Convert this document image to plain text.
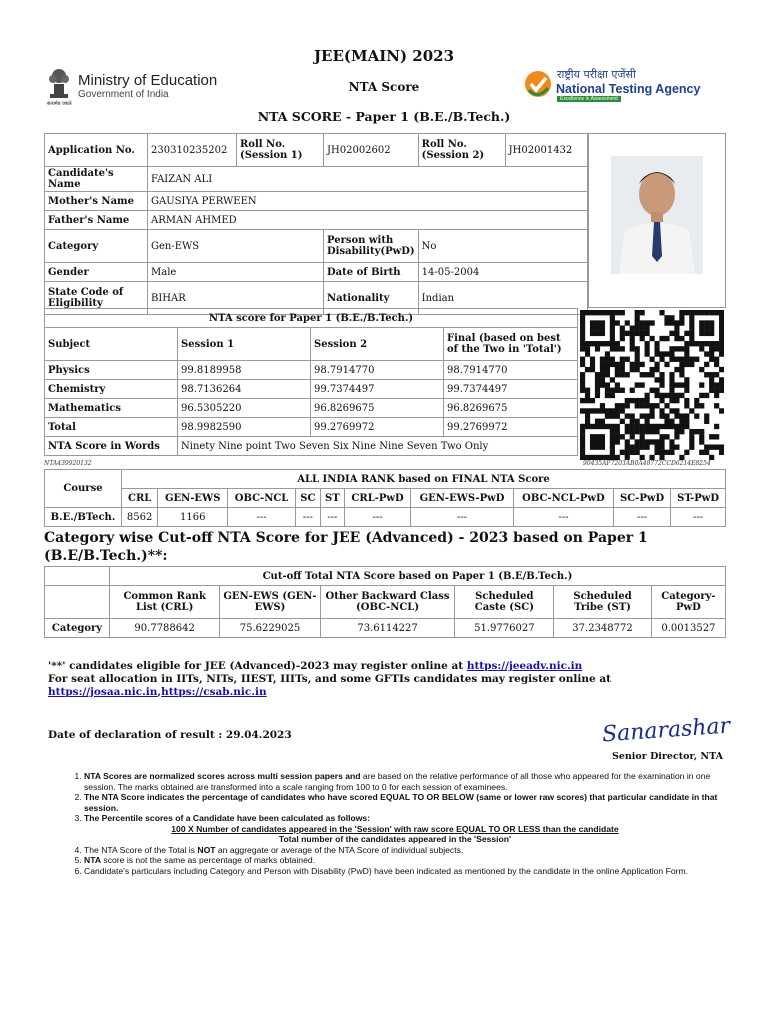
JEE(MAIN) 2023
NTA Score
NTA SCORE - Paper 1 (B.E./B.Tech.)
सत्यमेव जयते
Ministry of Education
Government of India
राष्ट्रीय परीक्षा एजेंसी
National Testing Agency
Excellence in Assessment
Application No.	230310235202	Roll No. (Session 1)	JH02002602	Roll No. (Session 2)	JH02001432
Candidate's Name	FAIZAN ALI				
Mother's Name	GAUSIYA PERWEEN				
Father's Name	ARMAN AHMED				
Category	Gen-EWS		Person with Disability(PwD)	No	
Gender	Male		Date of Birth	14-05-2004	
State Code of Eligibility	BIHAR		Nationality	Indian	
NTA score for Paper 1 (B.E./B.Tech.)			
Subject	Session 1	Session 2	Final (based on best of the Two in 'Total')
Physics	99.8189958	98.7914770	98.7914770
Chemistry	98.7136264	99.7374497	99.7374497
Mathematics	96.5305220	96.8269675	96.8269675
Total	98.9982590	99.2769972	99.2769972
NTA Score in Words	Ninety Nine point Two Seven Six Nine Nine Seven Two Only		
NTA439920132	90435AF7203AB0A48772CCD6214E8254
Course	ALL INDIA RANK based on FINAL NTA Score									
	CRL	GEN-EWS	OBC-NCL	SC	ST	CRL-PwD	GEN-EWS-PwD	OBC-NCL-PwD	SC-PwD	ST-PwD
B.E./BTech.	8562	1166	---	---	---	---	---	---	---	---
Category wise Cut-off NTA Score for JEE (Advanced) - 2023 based on Paper 1 (B.E/B.Tech.)**:
	Cut-off Total NTA Score based on Paper 1 (B.E/B.Tech.)					
	Common Rank List (CRL)	GEN-EWS (GEN-EWS)	Other Backward Class (OBC-NCL)	Scheduled Caste (SC)	Scheduled Tribe (ST)	Category-PwD
Category	90.7788642	75.6229025	73.6114227	51.9776027	37.2348772	0.0013527
'**' candidates eligible for JEE (Advanced)-2023 may register online at https://jeeadv.nic.in
For seat allocation in IITs, NITs, IIEST, IIITs, and some GFTIs candidates may register online at
https://josaa.nic.in,https://csab.nic.in
Date of declaration of result : 29.04.2023	Sanarashar
Senior Director, NTA
1. NTA Scores are normalized scores across multi session papers and are based on the relative performance of all those who appeared for the examination in one session. The marks obtained are transformed into a scale ranging from 100 to 0 for each session of examinees.
2. The NTA Score indicates the percentage of candidates who have scored EQUAL TO OR BELOW (same or lower raw scores) that particular candidate in that session.
3. The Percentile scores of a Candidate have been calculated as follows:
100 X Number of candidates appeared in the 'Session' with raw score EQUAL TO OR LESS than the candidate
Total number of the candidates appeared in the 'Session'
4. The NTA Score of the Total is NOT an aggregate or average of the NTA Score of individual subjects.
5. NTA score is not the same as percentage of marks obtained.
6. Candidate's particulars including Category and Person with Disability (PwD) have been indicated as mentioned by the candidate in the online Application Form.
